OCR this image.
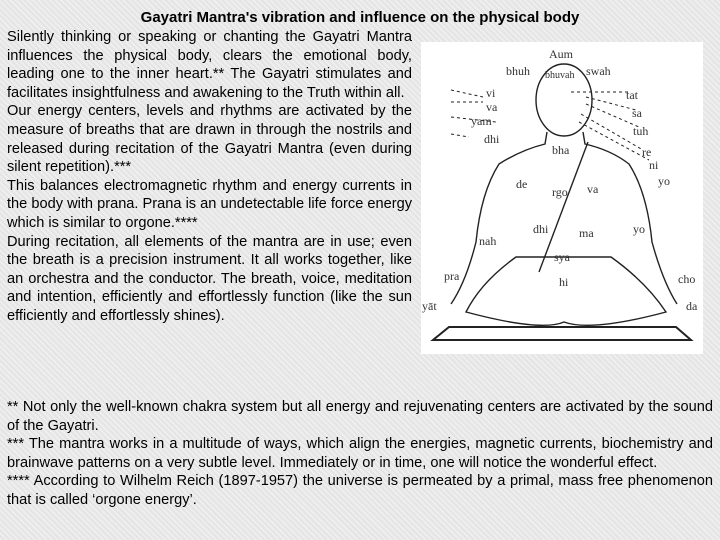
Gayatri Mantra's vibration and influence on the physical body

Silently thinking or speaking or chanting the Gayatri Mantra influences the physical body, clears the emotional body, leading one to the inner heart.** The Gayatri stimulates and facilitates insightfulness and awakening to the Truth within all.

Our energy centers, levels and rhythms are activated by the measure of breaths that are drawn in through the nostrils and released during recitation of the Gayatri Mantra (even during silent repetition).***

This balances electromagnetic rhythm and energy currents in the body with prana. Prana is an undetectable life force energy which is similar to orgone.****

During recitation, all elements of the mantra are in use; even the breath is a precision instrument. It all works together, like an orchestra and the conductor. The breath, voice, meditation and intention, efficiently and effortlessly function (like the sun efficiently and effortlessly shines).

Aum
bhuh bhuvah swah
vi
va
yam
dhi
tat
sa
tuh
re
ni
yo
bha
de
rgo va
dhi	ma	yo
nah
sya
pra	hi	cho
yāt	da

** Not only the well-known chakra system but all energy and rejuvenating centers are activated by the sound of the Gayatri.

*** The mantra works in a multitude of ways, which align the energies, magnetic currents, biochemistry and brainwave patterns on a very subtle level. Immediately or in time, one will notice the wonderful effect.

**** According to Wilhelm Reich (1897-1957) the universe is permeated by a primal, mass free phenomenon that is called ‘orgone energy’.
